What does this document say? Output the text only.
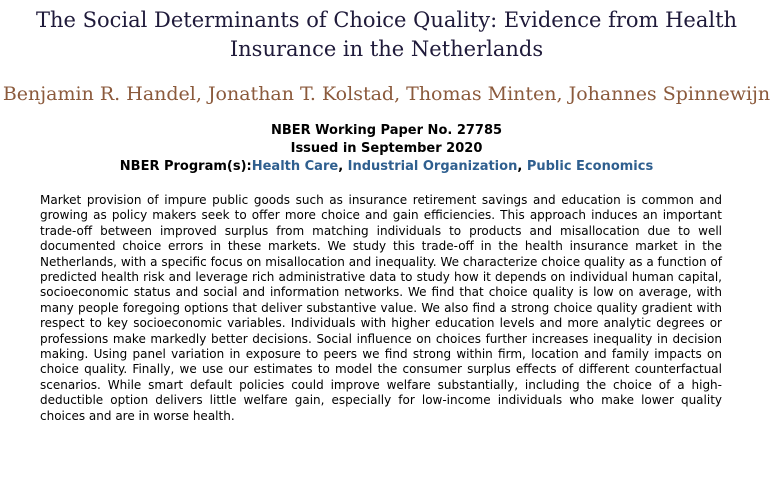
The Social Determinants of Choice Quality: Evidence from Health
Insurance in the Netherlands
Benjamin R. Handel, Jonathan T. Kolstad, Thomas Minten, Johannes Spinnewijn
NBER Working Paper No. 27785
Issued in September 2020
NBER Program(s):Health Care, Industrial Organization, Public Economics
Market provision of impure public goods such as insurance retirement savings and education is common and growing as policy makers seek to offer more choice and gain efficiencies. This approach induces an important trade-off between improved surplus from matching individuals to products and misallocation due to well documented choice errors in these markets. We study this trade-off in the health insurance market in the Netherlands, with a specific focus on misallocation and inequality. We characterize choice quality as a function of predicted health risk and leverage rich administrative data to study how it depends on individual human capital, socioeconomic status and social and information networks. We find that choice quality is low on average, with many people foregoing options that deliver substantive value. We also find a strong choice quality gradient with respect to key socioeconomic variables. Individuals with higher education levels and more analytic degrees or professions make markedly better decisions. Social influence on choices further increases inequality in decision making. Using panel variation in exposure to peers we find strong within firm, location and family impacts on choice quality. Finally, we use our estimates to model the consumer surplus effects of different counterfactual scenarios. While smart default policies could improve welfare substantially, including the choice of a high-deductible option delivers little welfare gain, especially for low-income individuals who make lower quality choices and are in worse health.
